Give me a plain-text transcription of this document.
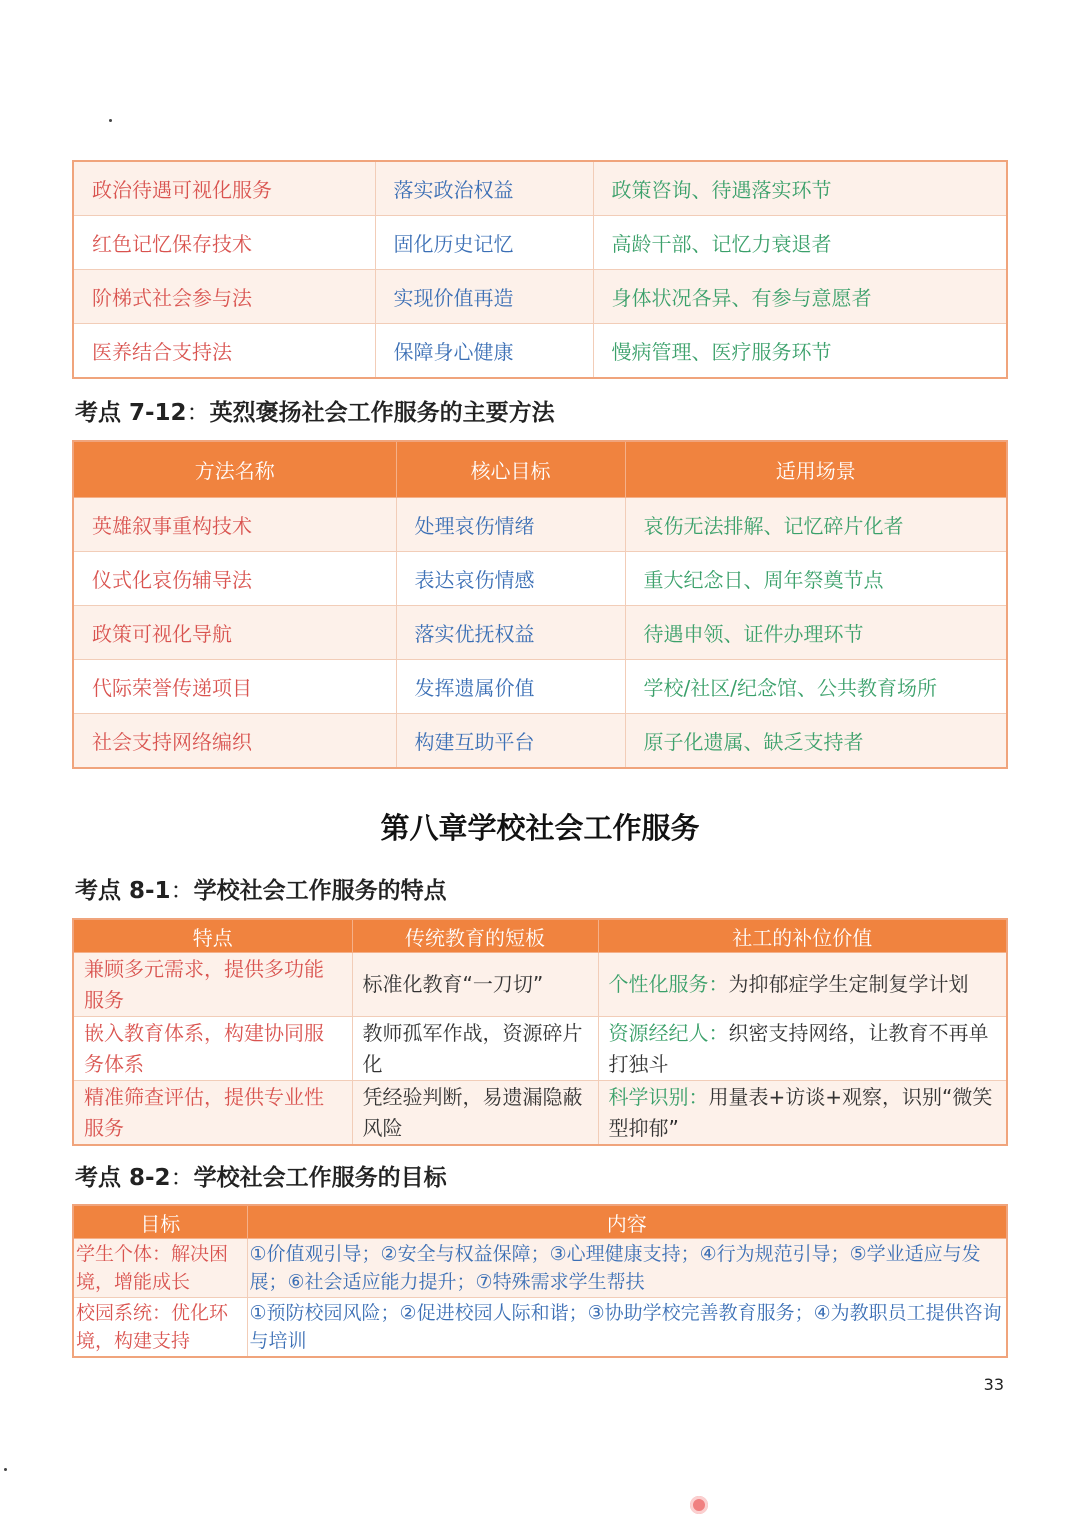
政治待遇可视化服务	落实政治权益	政策咨询、待遇落实环节
红色记忆保存技术	固化历史记忆	高龄干部、记忆力衰退者
阶梯式社会参与法	实现价值再造	身体状况各异、有参与意愿者
医养结合支持法	保障身心健康	慢病管理、医疗服务环节
考点 7-12：英烈褒扬社会工作服务的主要方法
方法名称	核心目标	适用场景
英雄叙事重构技术	处理哀伤情绪	哀伤无法排解、记忆碎片化者
仪式化哀伤辅导法	表达哀伤情感	重大纪念日、周年祭奠节点
政策可视化导航	落实优抚权益	待遇申领、证件办理环节
代际荣誉传递项目	发挥遗属价值	学校/社区/纪念馆、公共教育场所
社会支持网络编织	构建互助平台	原子化遗属、缺乏支持者
第八章学校社会工作服务
考点 8-1：学校社会工作服务的特点
特点	传统教育的短板	社工的补位价值
兼顾多元需求，提供多功能服务	标准化教育“一刀切”	个性化服务：为抑郁症学生定制复学计划
嵌入教育体系，构建协同服务体系	教师孤军作战，资源碎片化	资源经纪人：织密支持网络，让教育不再单打独斗
精准筛查评估，提供专业性服务	凭经验判断，易遗漏隐蔽风险	科学识别：用量表+访谈+观察，识别“微笑型抑郁”
考点 8-2：学校社会工作服务的目标
目标	内容
学生个体：解决困境，增能成长	①价值观引导；②安全与权益保障；③心理健康支持；④行为规范引导；⑤学业适应与发展；⑥社会适应能力提升；⑦特殊需求学生帮扶
校园系统：优化环境，构建支持	①预防校园风险；②促进校园人际和谐；③协助学校完善教育服务；④为教职员工提供咨询与培训
33
